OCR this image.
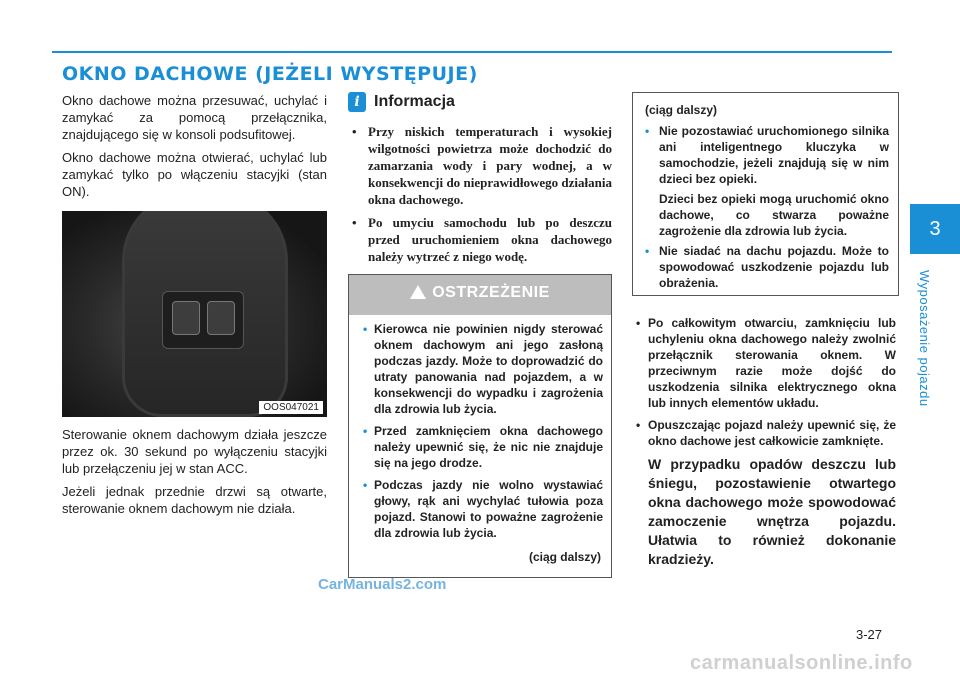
OKNO DACHOWE (JEŻELI WYSTĘPUJE)

Okno dachowe można przesuwać, uchylać i zamykać za pomocą przełącznika, znajdującego się w konsoli podsufitowej.

Okno dachowe można otwierać, uchylać lub zamykać tylko po włączeniu stacyjki (stan ON).

OOS047021

Sterowanie oknem dachowym działa jeszcze przez ok. 30 sekund po wyłączeniu stacyjki lub przełączeniu jej w stan ACC.

Jeżeli jednak przednie drzwi są otwarte, sterowanie oknem dachowym nie działa.

i Informacja
• Przy niskich temperaturach i wysokiej wilgotności powietrza może dochodzić do zamarzania wody i pary wodnej, a w konsekwencji do nieprawidłowego działania okna dachowego.
• Po umyciu samochodu lub po deszczu przed uruchomieniem okna dachowego należy wytrzeć z niego wodę.
OSTRZEŻENIE
• Kierowca nie powinien nigdy sterować oknem dachowym ani jego zasłoną podczas jazdy. Może to doprowadzić do utraty panowania nad pojazdem, a w konsekwencji do wypadku i zagrożenia dla zdrowia lub życia.
• Przed zamknięciem okna dachowego należy upewnić się, że nic nie znajduje się na jego drodze.
• Podczas jazdy nie wolno wystawiać głowy, rąk ani wychylać tułowia poza pojazd. Stanowi to poważne zagrożenie dla zdrowia lub życia.
(ciąg dalszy)
(ciąg dalszy)
• Nie pozostawiać uruchomionego silnika ani inteligentnego kluczyka w samochodzie, jeżeli znajdują się w nim dzieci bez opieki.

Dzieci bez opieki mogą uruchomić okno dachowe, co stwarza poważne zagrożenie dla zdrowia lub życia.

• Nie siadać na dachu pojazdu. Może to spowodować uszkodzenie pojazdu lub obrażenia.
• Po całkowitym otwarciu, zamknięciu lub uchyleniu okna dachowego należy zwolnić przełącznik sterowania oknem. W przeciwnym razie może dojść do uszkodzenia silnika elektrycznego okna lub innych elementów układu.
• Opuszczając pojazd należy upewnić się, że okno dachowe jest całkowicie zamknięte.

W przypadku opadów deszczu lub śniegu, pozostawienie otwartego okna dachowego może spowodować zamoczenie wnętrza pojazdu. Ułatwia to również dokonanie kradzieży.

3
Wyposażenie pojazdu
3-27
CarManuals2.com
carmanualsonline.info
